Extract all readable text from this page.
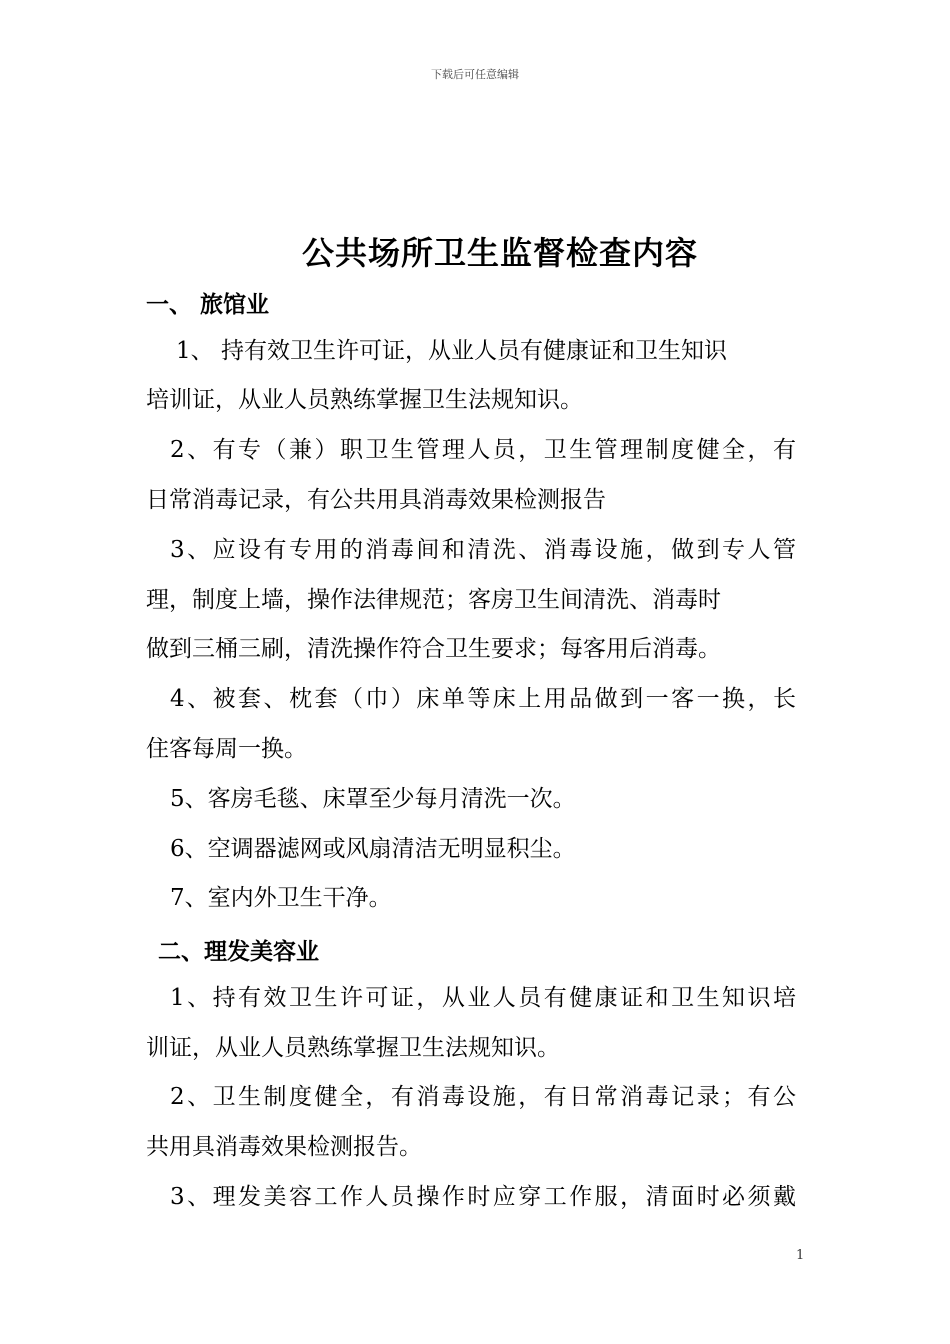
下载后可任意编辑
公共场所卫生监督检查内容
一、 旅馆业
1、 持有效卫生许可证，从业人员有健康证和卫生知识
培训证，从业人员熟练掌握卫生法规知识。
2、有专（兼）职卫生管理人员，卫生管理制度健全，有
日常消毒记录，有公共用具消毒效果检测报告
3、应设有专用的消毒间和清洗、消毒设施，做到专人管
理，制度上墙，操作法律规范；客房卫生间清洗、消毒时
做到三桶三刷，清洗操作符合卫生要求；每客用后消毒。
4、被套、枕套（巾）床单等床上用品做到一客一换，长
住客每周一换。
5、客房毛毯、床罩至少每月清洗一次。
6、空调器滤网或风扇清洁无明显积尘。
7、室内外卫生干净。
二、理发美容业
1、持有效卫生许可证，从业人员有健康证和卫生知识培
训证，从业人员熟练掌握卫生法规知识。
2、卫生制度健全，有消毒设施，有日常消毒记录；有公
共用具消毒效果检测报告。
3、理发美容工作人员操作时应穿工作服，清面时必须戴
1
